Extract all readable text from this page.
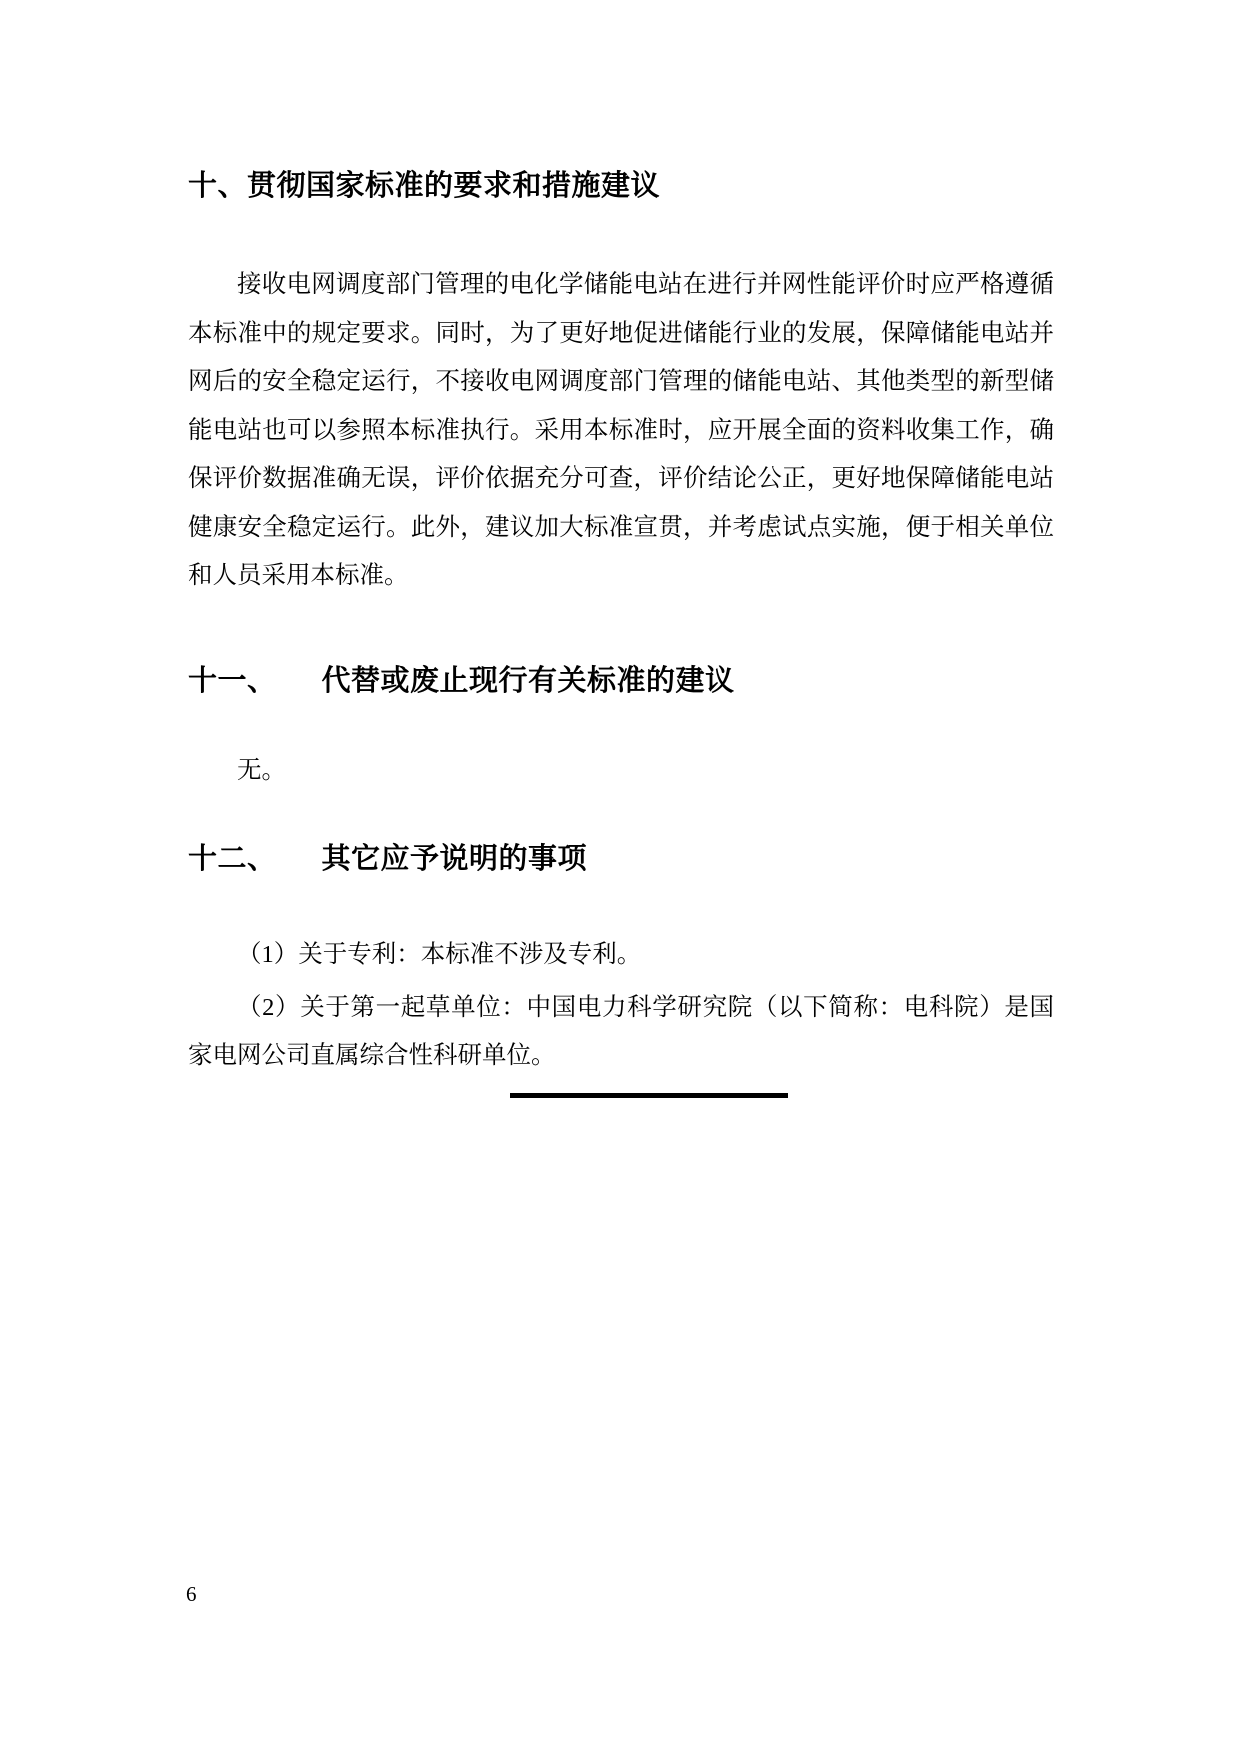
十、贯彻国家标准的要求和措施建议

接收电网调度部门管理的电化学储能电站在进行并网性能评价时应严格遵循本标准中的规定要求。同时，为了更好地促进储能行业的发展，保障储能电站并网后的安全稳定运行，不接收电网调度部门管理的储能电站、其他类型的新型储能电站也可以参照本标准执行。采用本标准时，应开展全面的资料收集工作，确保评价数据准确无误，评价依据充分可查，评价结论公正，更好地保障储能电站健康安全稳定运行。此外，建议加大标准宣贯，并考虑试点实施，便于相关单位和人员采用本标准。

十一、 代替或废止现行有关标准的建议

无。

十二、 其它应予说明的事项

（1）关于专利：本标准不涉及专利。

（2）关于第一起草单位：中国电力科学研究院（以下简称：电科院）是国家电网公司直属综合性科研单位。

6
